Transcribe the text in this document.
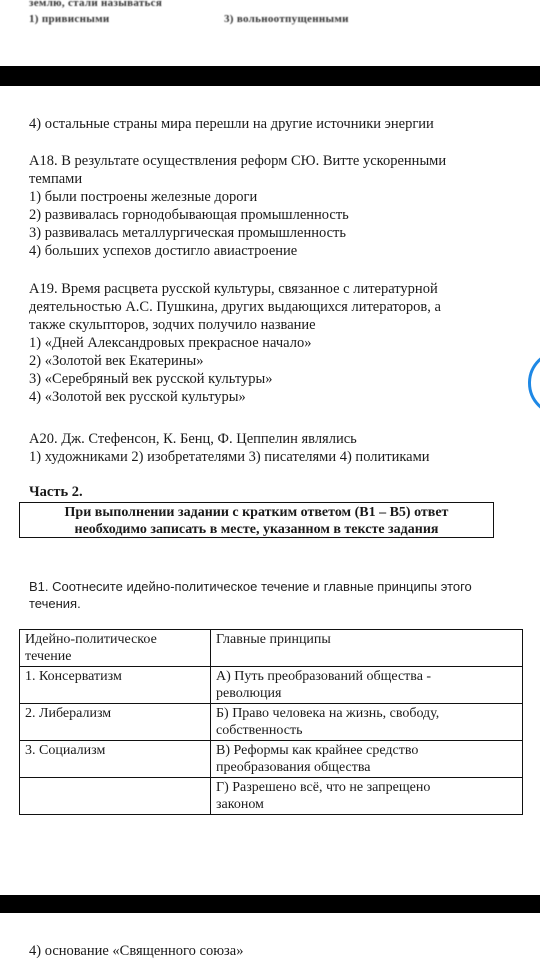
землю, стали называться
1) привисными	3) вольноотпущенными
4) остальные страны мира перешли на другие источники энергии
А18. В результате осуществления реформ СЮ. Витте ускоренными
темпами
1) были построены железные дороги
2) развивалась горнодобывающая промышленность
3) развивалась металлургическая промышленность
4) больших успехов достигло авиастроение
А19. Время расцвета русской культуры, связанное с литературной
деятельностью А.С. Пушкина, других выдающихся литераторов, а
также скульпторов, зодчих получило название
1) «Дней Александровых прекрасное начало»
2) «Золотой век Екатерины»
3) «Серебряный век русской культуры»
4) «Золотой век русской культуры»
А20. Дж. Стефенсон, К. Бенц, Ф. Цеппелин являлись
1) художниками 2) изобретателями 3) писателями 4) политиками
Часть 2.
При выполнении задании с кратким ответом (В1 – В5) ответ
необходимо записать в месте, указанном в тексте задания
В1. Соотнесите идейно-политическое течение и главные принципы этого
течения.
Идейно-политическое
течение	Главные принципы
1. Консерватизм	А) Путь преобразований общества -
революция

2. Либерализм	Б) Право человека на жизнь, свободу,
собственность

3. Социализм	В) Реформы как крайнее средство
преобразования общества

	Г) Разрешено всё, что не запрещено
законом
4) основание «Священного союза»
